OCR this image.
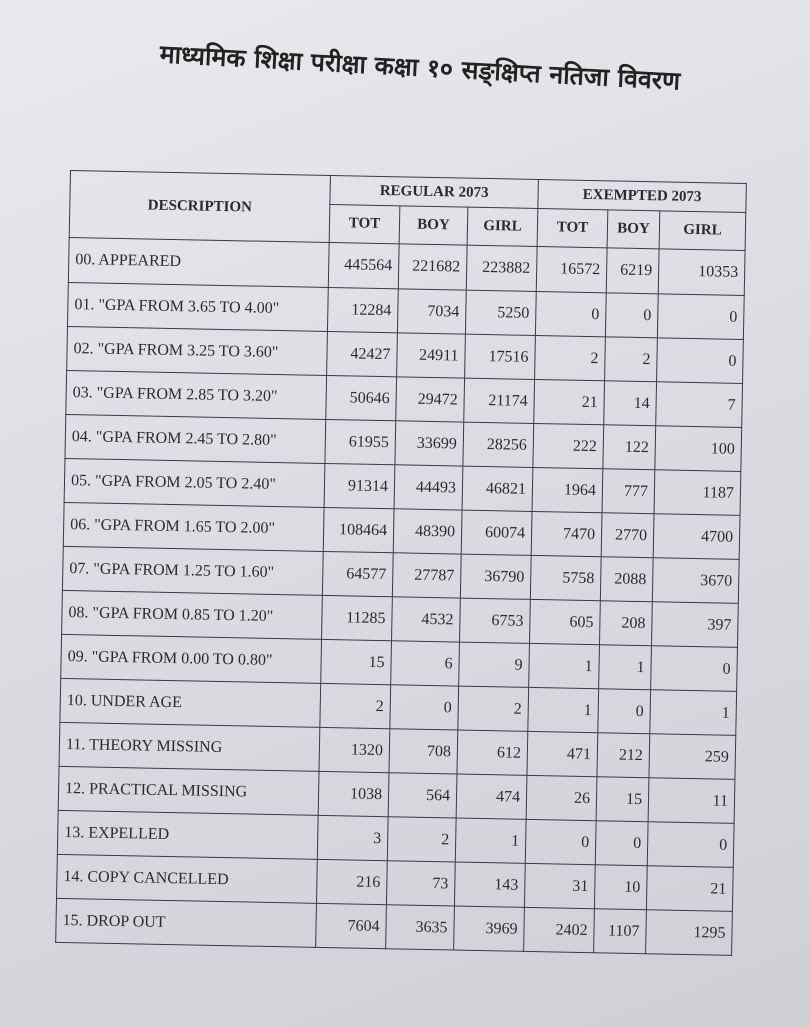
माध्यमिक शिक्षा परीक्षा कक्षा १० सङ्क्षिप्त नतिजा विवरण
DESCRIPTION	REGULAR 2073			EXEMPTED 2073		
	TOT	BOY	GIRL	TOT	BOY	GIRL
00. APPEARED	445564	221682	223882	16572	6219	10353
01. "GPA FROM 3.65 TO 4.00"	12284	7034	5250	0	0	0
02. "GPA FROM 3.25 TO 3.60"	42427	24911	17516	2	2	0
03. "GPA FROM 2.85 TO 3.20"	50646	29472	21174	21	14	7
04. "GPA FROM 2.45 TO 2.80"	61955	33699	28256	222	122	100
05. "GPA FROM 2.05 TO 2.40"	91314	44493	46821	1964	777	1187
06. "GPA FROM 1.65 TO 2.00"	108464	48390	60074	7470	2770	4700
07. "GPA FROM 1.25 TO 1.60"	64577	27787	36790	5758	2088	3670
08. "GPA FROM 0.85 TO 1.20"	11285	4532	6753	605	208	397
09. "GPA FROM 0.00 TO 0.80"	15	6	9	1	1	0
10. UNDER AGE	2	0	2	1	0	1
11. THEORY MISSING	1320	708	612	471	212	259
12. PRACTICAL MISSING	1038	564	474	26	15	11
13. EXPELLED	3	2	1	0	0	0
14. COPY CANCELLED	216	73	143	31	10	21
15. DROP OUT	7604	3635	3969	2402	1107	1295
